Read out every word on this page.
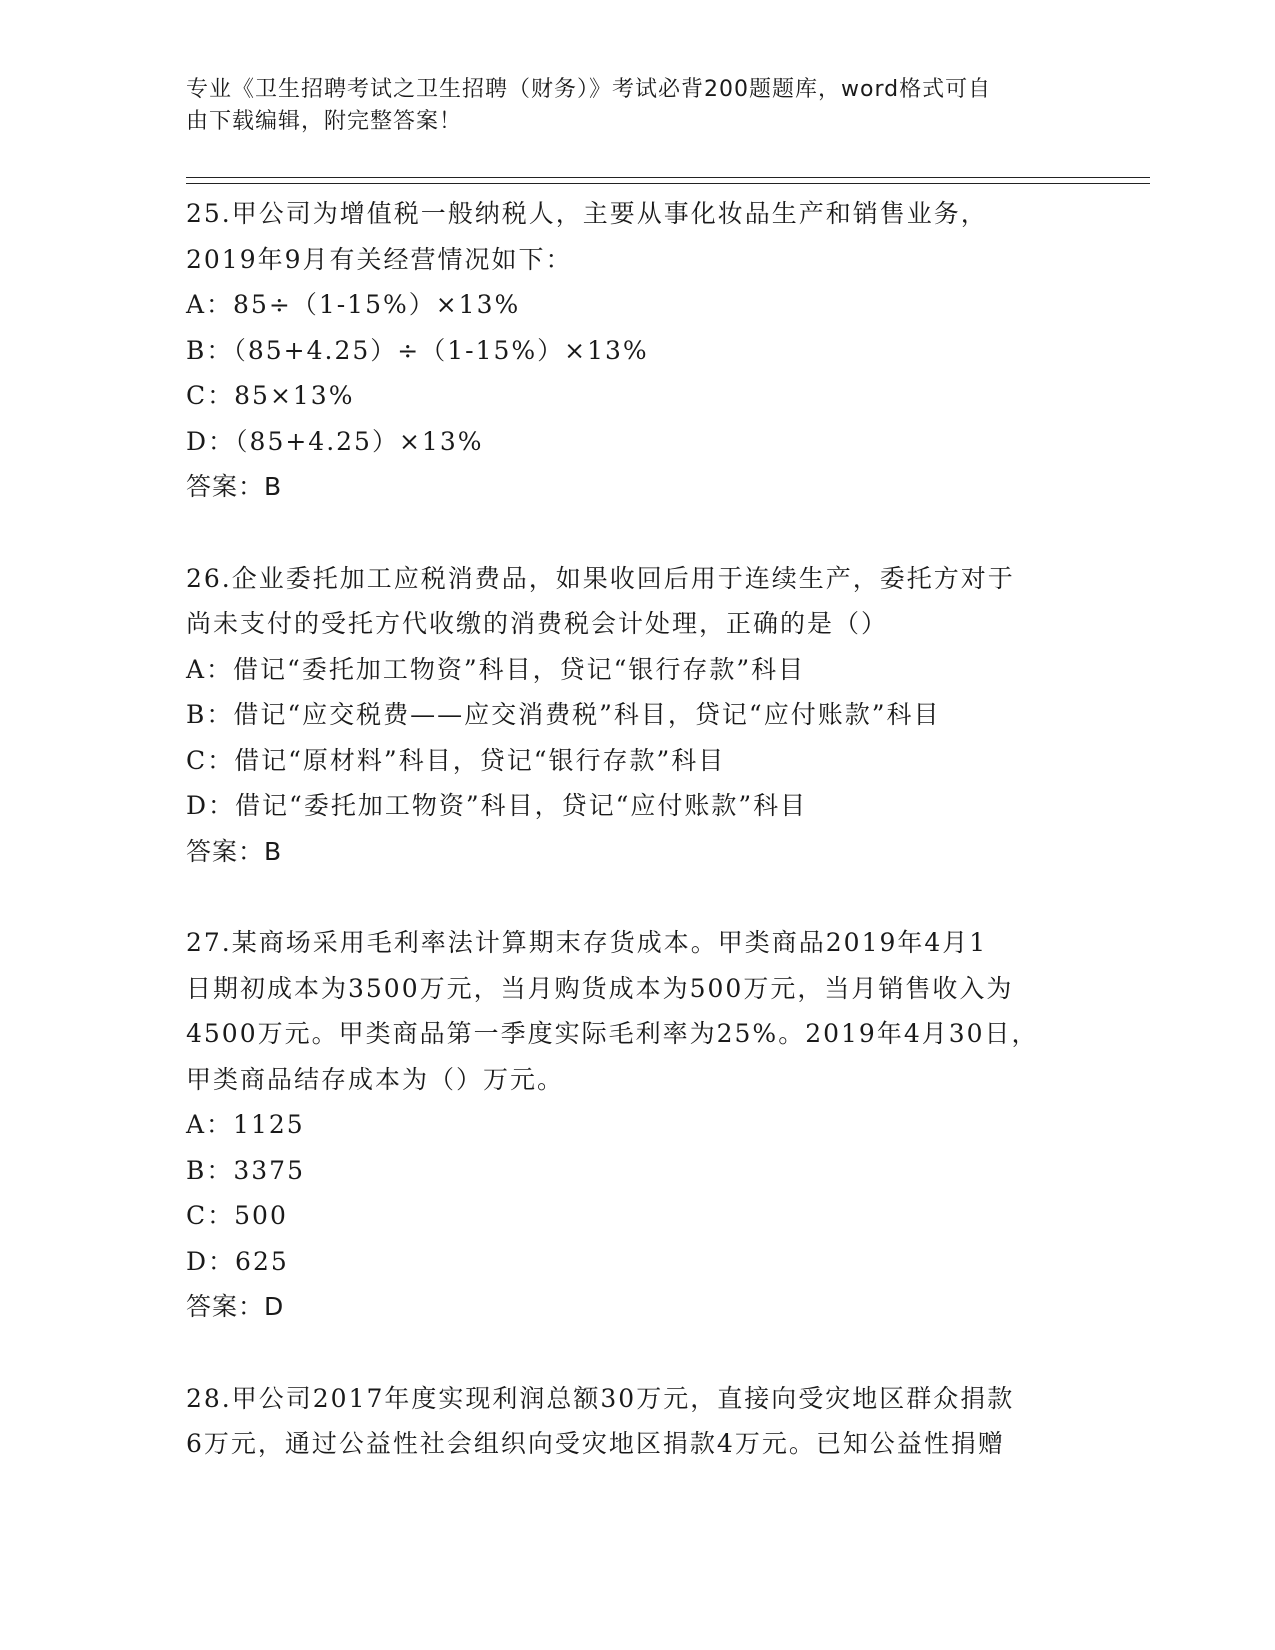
专业《卫生招聘考试之卫生招聘（财务）》考试必背200题题库，word格式可自
由下载编辑，附完整答案！
25.甲公司为增值税一般纳税人，主要从事化妆品生产和销售业务，
2019年9月有关经营情况如下：
A：85÷（1-15%）×13%
B：（85+4.25）÷（1-15%）×13%
C：85×13%
D：（85+4.25）×13%
答案：B
26.企业委托加工应税消费品，如果收回后用于连续生产，委托方对于
尚未支付的受托方代收缴的消费税会计处理，正确的是（）
A：借记“委托加工物资”科目，贷记“银行存款”科目
B：借记“应交税费——应交消费税”科目，贷记“应付账款”科目
C：借记“原材料”科目，贷记“银行存款”科目
D：借记“委托加工物资”科目，贷记“应付账款”科目
答案：B
27.某商场采用毛利率法计算期末存货成本。甲类商品2019年4月1
日期初成本为3500万元，当月购货成本为500万元，当月销售收入为
4500万元。甲类商品第一季度实际毛利率为25%。2019年4月30日，
甲类商品结存成本为（）万元。
A：1125
B：3375
C：500
D：625
答案：D
28.甲公司2017年度实现利润总额30万元，直接向受灾地区群众捐款
6万元，通过公益性社会组织向受灾地区捐款4万元。已知公益性捐赠
